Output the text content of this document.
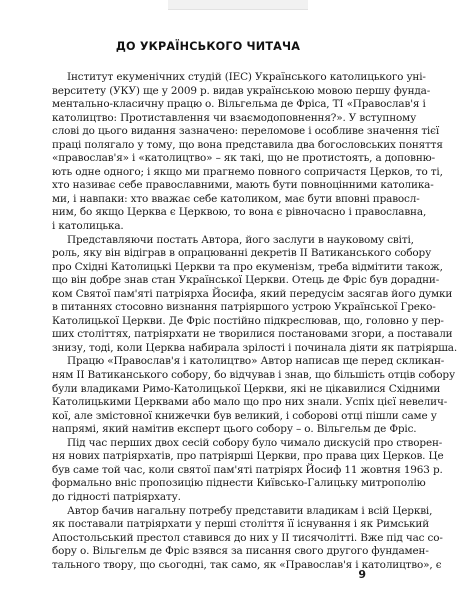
ДО УКРАЇНСЬКОГО ЧИТАЧА
Інститут екуменічних студій (ІЕС) Українського католицького уні-
верситету (УКУ) ще у 2009 р. видав українською мовою першу фунда-
ментально-класичну працю о. Вільгельма де Фріса, ТІ «Православ'я і
католицтво: Протиставлення чи взаємодоповнення?». У вступному
слові до цього видання зазначено: переломове і особливе значення тієї
праці полягало у тому, що вона представила два богословських поняття
«православ'я» і «католицтво» – як такі, що не протистоять, а доповню-
ють одне одного; і якщо ми прагнемо повного сопричастя Церков, то ті,
хто називає себе православними, мають бути повноцінними католика-
ми, і навпаки: хто вважає себе католиком, має бути вповні правосл-
ним, бо якщо Церква є Церквою, то вона є рівночасно і православна,
і католицька.
Представляючи постать Автора, його заслуги в науковому світі,
роль, яку він відіграв в опрацюванні декретів ІІ Ватиканського собору
про Східні Католицькі Церкви та про екуменізм, треба відмітити також,
що він добре знав стан Української Церкви. Отець де Фріс був дорадни-
ком Святої пам'яті патріярха Йосифа, який передусім засягав його думки
в питаннях стосовно визнання патріяршого устрою Української Греко-
Католицької Церкви. Де Фріс постійно підкреслював, що, головно у пер-
ших століттях, патріярхати не творилися постановами згори, а поставали
знизу, тоді, коли Церква набирала зрілості і починала діяти як патріярша.
Працю «Православ'я і католицтво» Автор написав ще перед скликан-
ням ІІ Ватиканського собору, бо відчував і знав, що більшість отців собору
були владиками Римо-Католицької Церкви, які не цікавилися Східними
Католицькими Церквами або мало що про них знали. Успіх цієї невелич-
кої, але змістовної книжечки був великий, і соборові отці пішли саме у
напрямі, який намітив експерт цього собору – о. Вільгельм де Фріс.
Під час перших двох сесій собору було чимало дискусій про створен-
ня нових патріярхатів, про патріярші Церкви, про права цих Церков. Це
був саме той час, коли святої пам'яті патріярх Йосиф 11 жовтня 1963 р.
формально вніс пропозицію піднести Київсько-Галицьку митрополію
до гідності патріярхату.
Автор бачив нагальну потребу представити владикам і всій Церкві,
як поставали патріярхати у перші століття її існування і як Римський
Апостольський престол ставився до них у ІІ тисячолітті. Вже під час со-
бору о. Вільгельм де Фріс взявся за писання свого другого фундамен-
тального твору, що сьогодні, так само, як «Православ'я і католицтво», є
9
